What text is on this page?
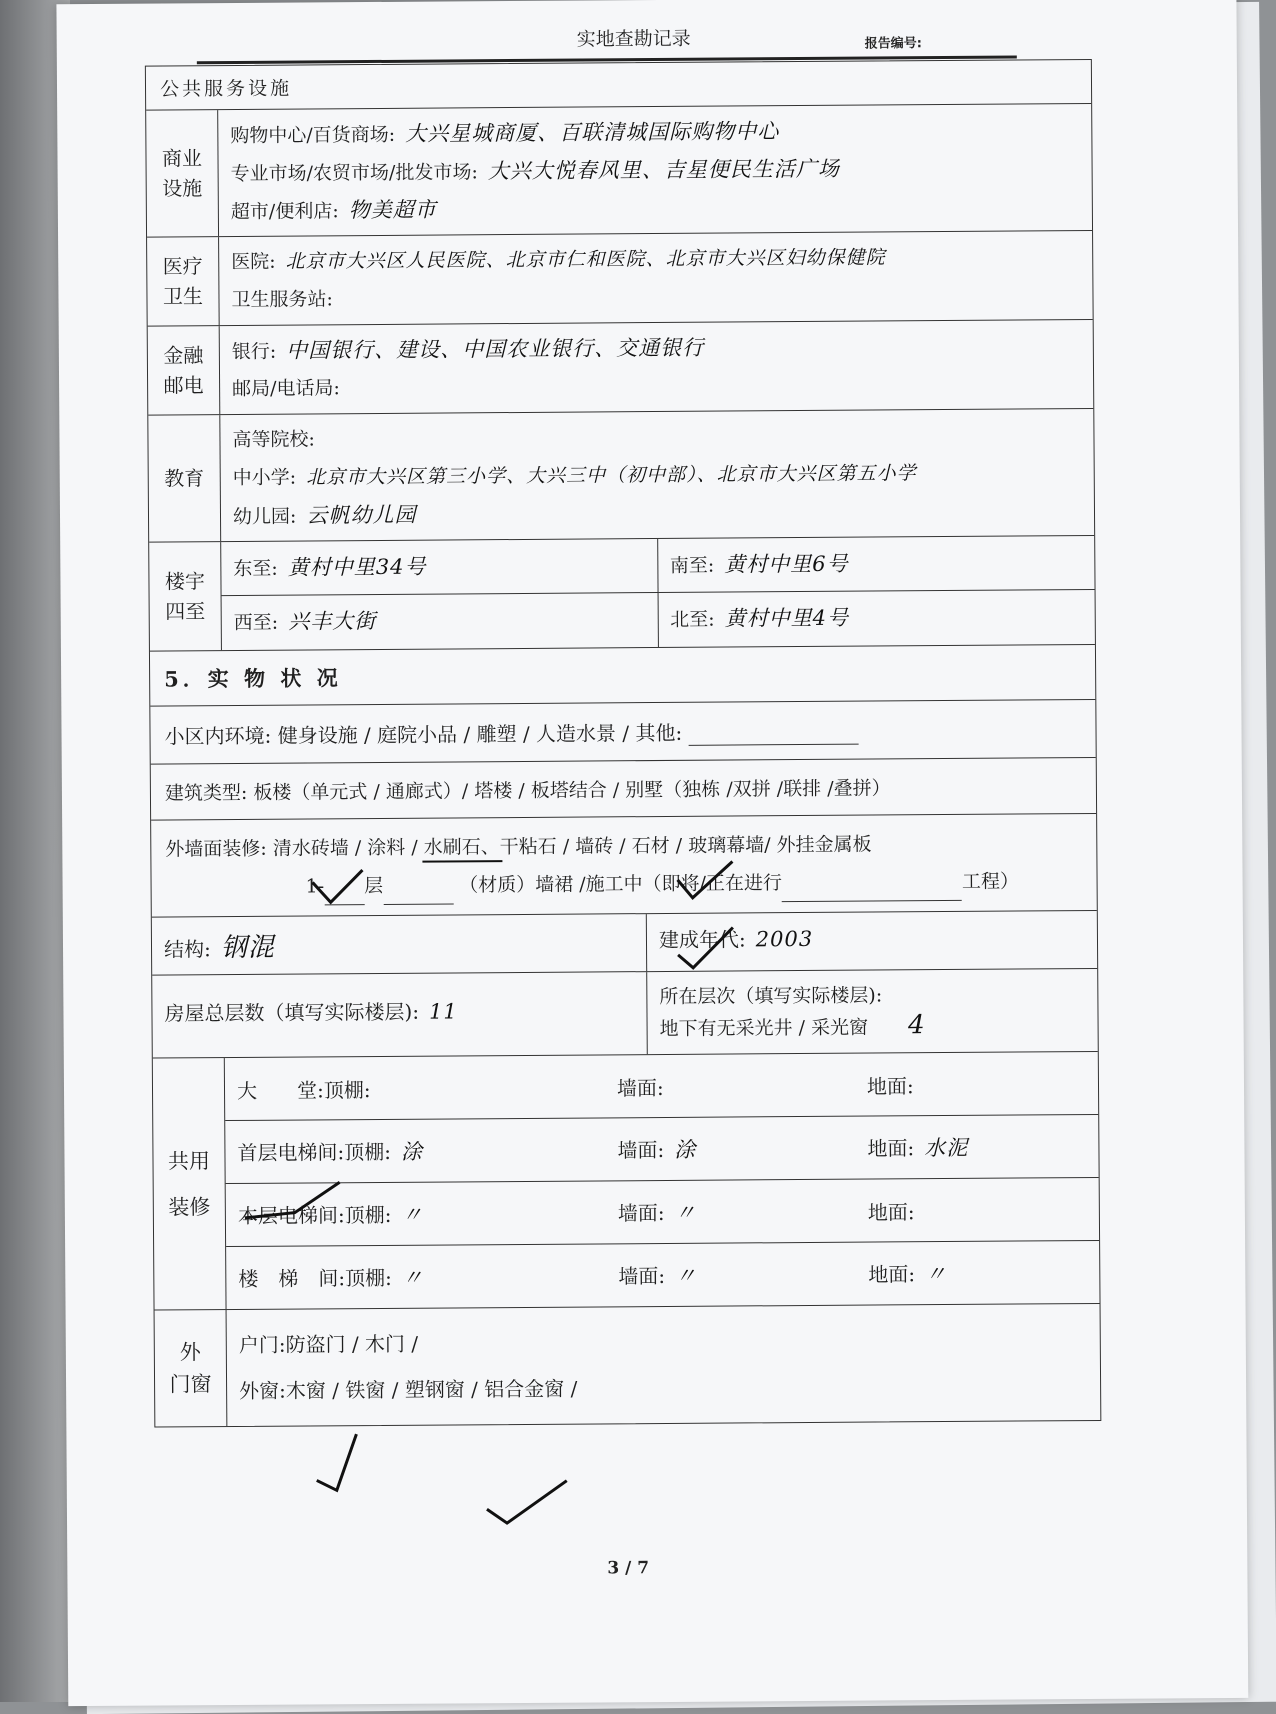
实地查勘记录	报告编号:
公共服务设施
商业
设施
购物中心/百货商场: 大兴星城商厦、百联清城国际购物中心
专业市场/农贸市场/批发市场: 大兴大悦春风里、吉星便民生活广场
超市/便利店: 物美超市
医疗
卫生
医院: 北京市大兴区人民医院、北京市仁和医院、北京市大兴区妇幼保健院
卫生服务站:
金融
邮电
银行: 中国银行、建设、中国农业银行、交通银行
邮局/电话局:
教育
高等院校:
中小学: 北京市大兴区第三小学、大兴三中（初中部）、北京市大兴区第五小学
幼儿园: 云帆幼儿园
楼宇
四至
东至: 黄村中里34号	南至: 黄村中里6号
西至: 兴丰大街	北至: 黄村中里4号
5．实 物 状 况
小区内环境: 健身设施 / 庭院小品 / 雕塑 / 人造水景 / 其他:
建筑类型: 板楼（单元式 / 通廊式）/ 塔楼 / 板塔结合 / 别墅（独栋 /双拼 /联排 /叠拼）
外墙面装修: 清水砖墙 / 涂料 / 水刷石、干粘石 / 墙砖 / 石材 / 玻璃幕墙/ 外挂金属板
1- 层	（材质）墙裙 /施工中（即将/正在进行	工程）
结构: 钢混	建成年代: 2003
房屋总层数（填写实际楼层): 11
所在层次（填写实际楼层):
地下有无采光井 / 采光窗 4
共用
装修
大　　堂:顶棚:	墙面:	地面:
首层电梯间:顶棚: 涂	墙面: 涂	地面: 水泥
本层电梯间:顶棚: 〃	墙面: 〃	地面:
楼　梯　间:顶棚: 〃	墙面: 〃	地面: 〃
外
门窗
户门:防盗门 / 木门 /
外窗:木窗 / 铁窗 / 塑钢窗 / 铝合金窗 /
3 / 7
